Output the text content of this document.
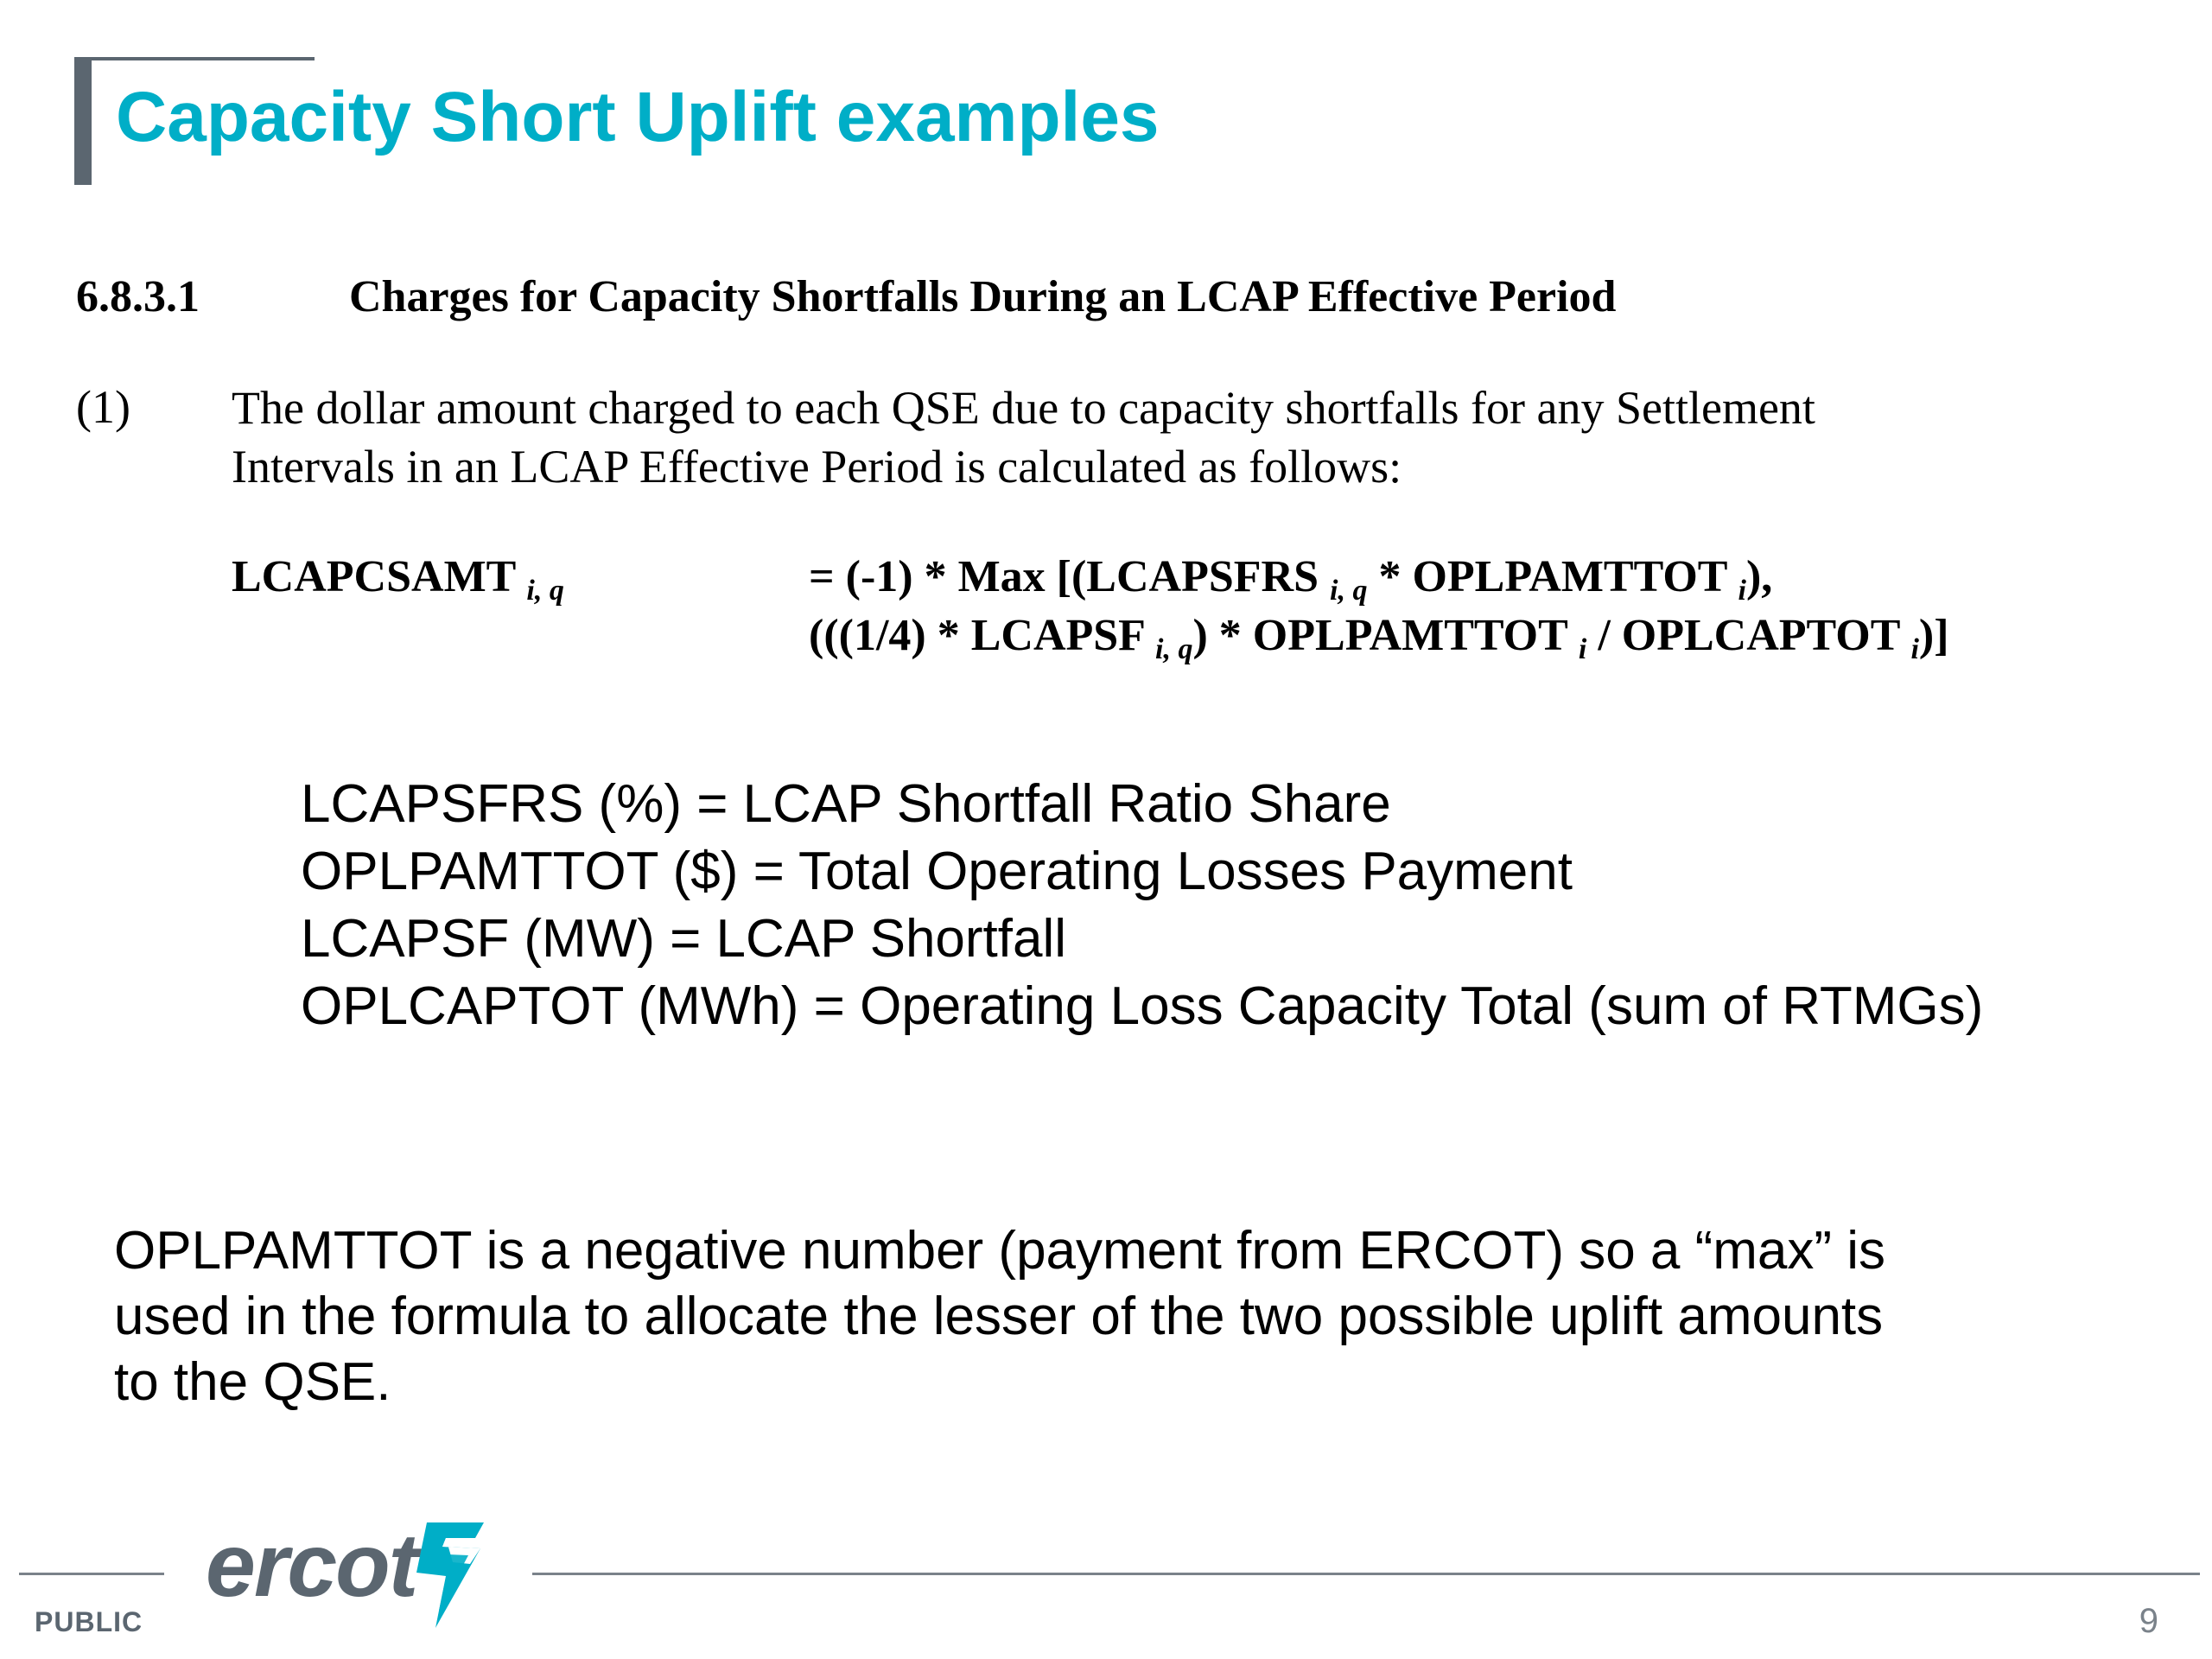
Capacity Short Uplift examples
6.8.3.1	Charges for Capacity Shortfalls During an LCAP Effective Period
(1) The dollar amount charged to each QSE due to capacity shortfalls for any Settlement
Intervals in an LCAP Effective Period is calculated as follows:
LCAPCSAMT $_{i, q}$	= (-1) * Max [(LCAPSFRS $_{i, q}$ * OPLPAMTTOT $_i$),
(((1/4) * LCAPSF $_{i, q}$) * OPLPAMTTOT $_i$ / OPLCAPTOT $_i$)]
LCAPSFRS (%) = LCAP Shortfall Ratio Share
OPLPAMTTOT ($) = Total Operating Losses Payment
LCAPSF (MW) = LCAP Shortfall
OPLCAPTOT (MWh) = Operating Loss Capacity Total (sum of RTMGs)
OPLPAMTTOT is a negative number (payment from ERCOT) so a “max” is
used in the formula to allocate the lesser of the two possible uplift amounts
to the QSE.
ercot
PUBLIC	9
